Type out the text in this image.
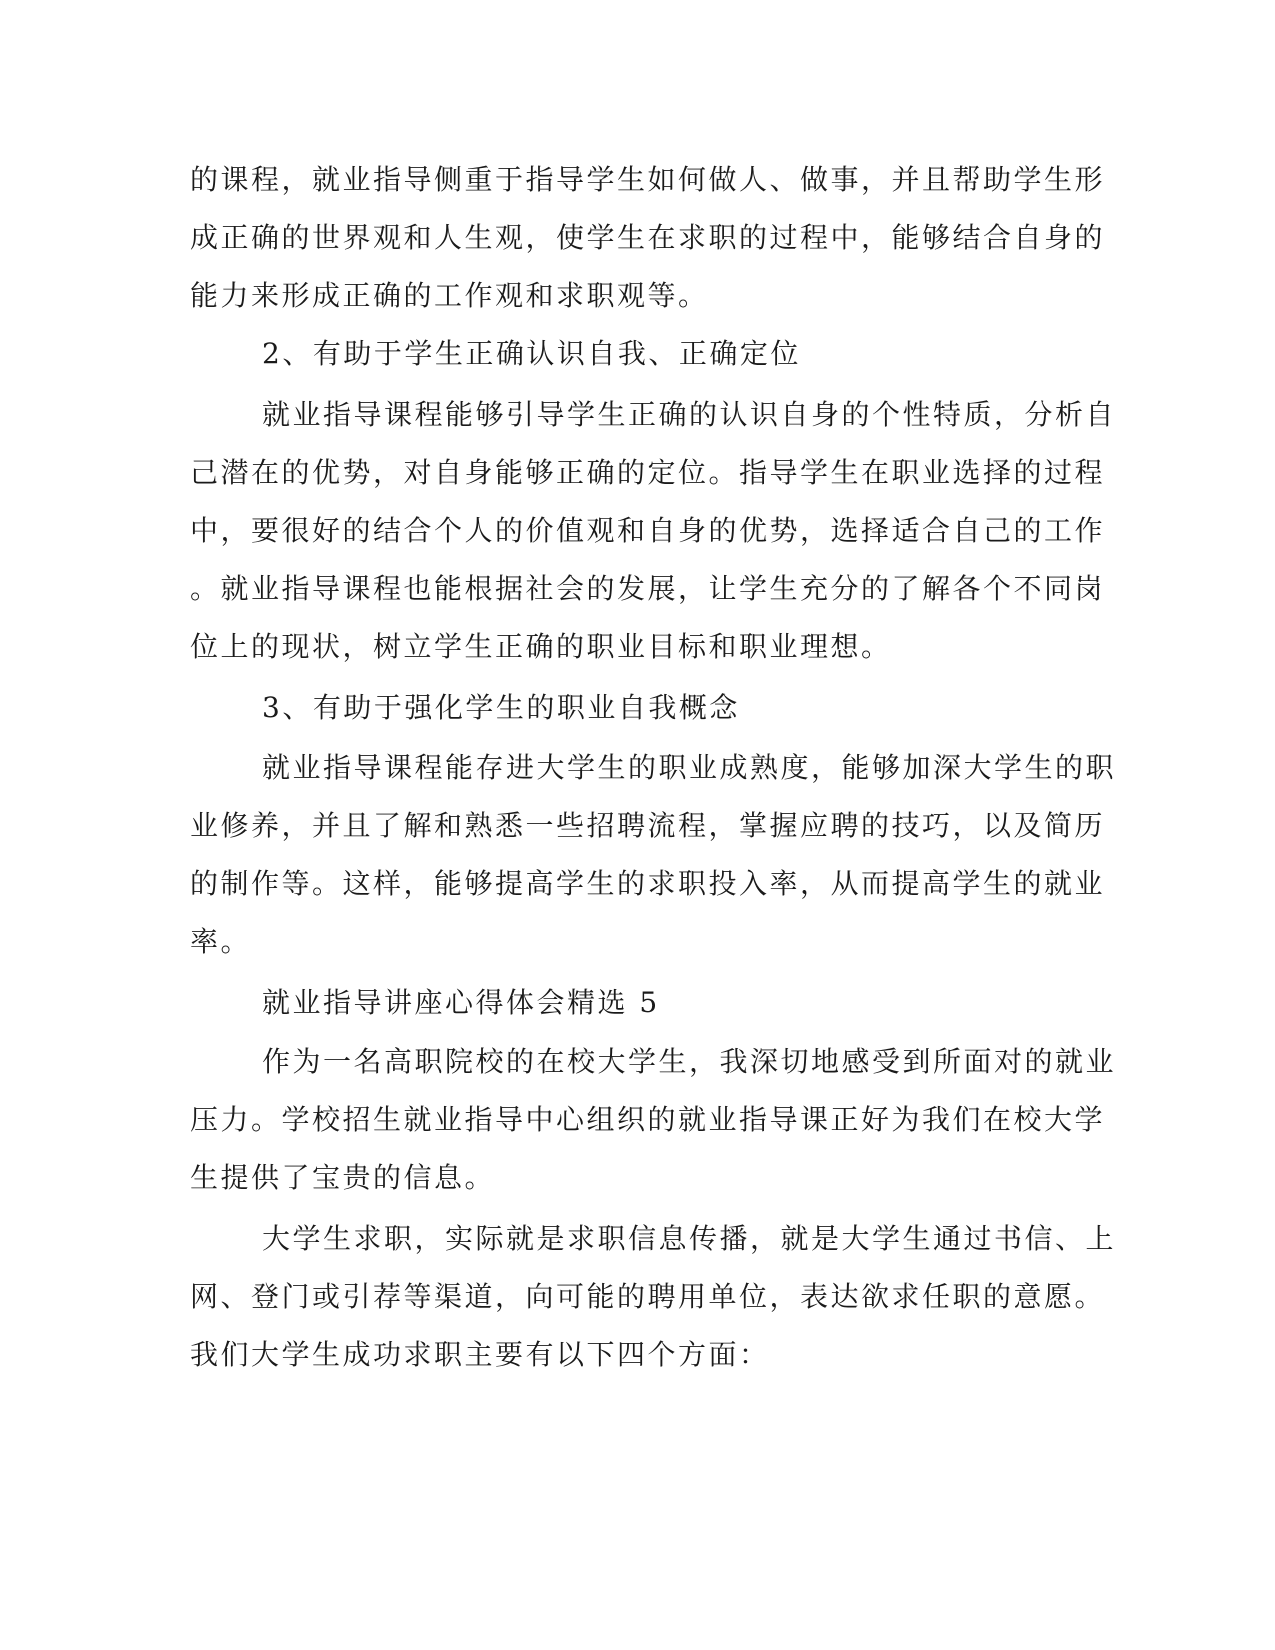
的课程，就业指导侧重于指导学生如何做人、做事，并且帮助学生形
成正确的世界观和人生观，使学生在求职的过程中，能够结合自身的
能力来形成正确的工作观和求职观等。
2、有助于学生正确认识自我、正确定位
就业指导课程能够引导学生正确的认识自身的个性特质，分析自
己潜在的优势，对自身能够正确的定位。指导学生在职业选择的过程
中，要很好的结合个人的价值观和自身的优势，选择适合自己的工作
。就业指导课程也能根据社会的发展，让学生充分的了解各个不同岗
位上的现状，树立学生正确的职业目标和职业理想。
3、有助于强化学生的职业自我概念
就业指导课程能存进大学生的职业成熟度，能够加深大学生的职
业修养，并且了解和熟悉一些招聘流程，掌握应聘的技巧，以及简历
的制作等。这样，能够提高学生的求职投入率，从而提高学生的就业
率。
就业指导讲座心得体会精选 5
作为一名高职院校的在校大学生，我深切地感受到所面对的就业
压力。学校招生就业指导中心组织的就业指导课正好为我们在校大学
生提供了宝贵的信息。
大学生求职，实际就是求职信息传播，就是大学生通过书信、上
网、登门或引荐等渠道，向可能的聘用单位，表达欲求任职的意愿。
我们大学生成功求职主要有以下四个方面：
